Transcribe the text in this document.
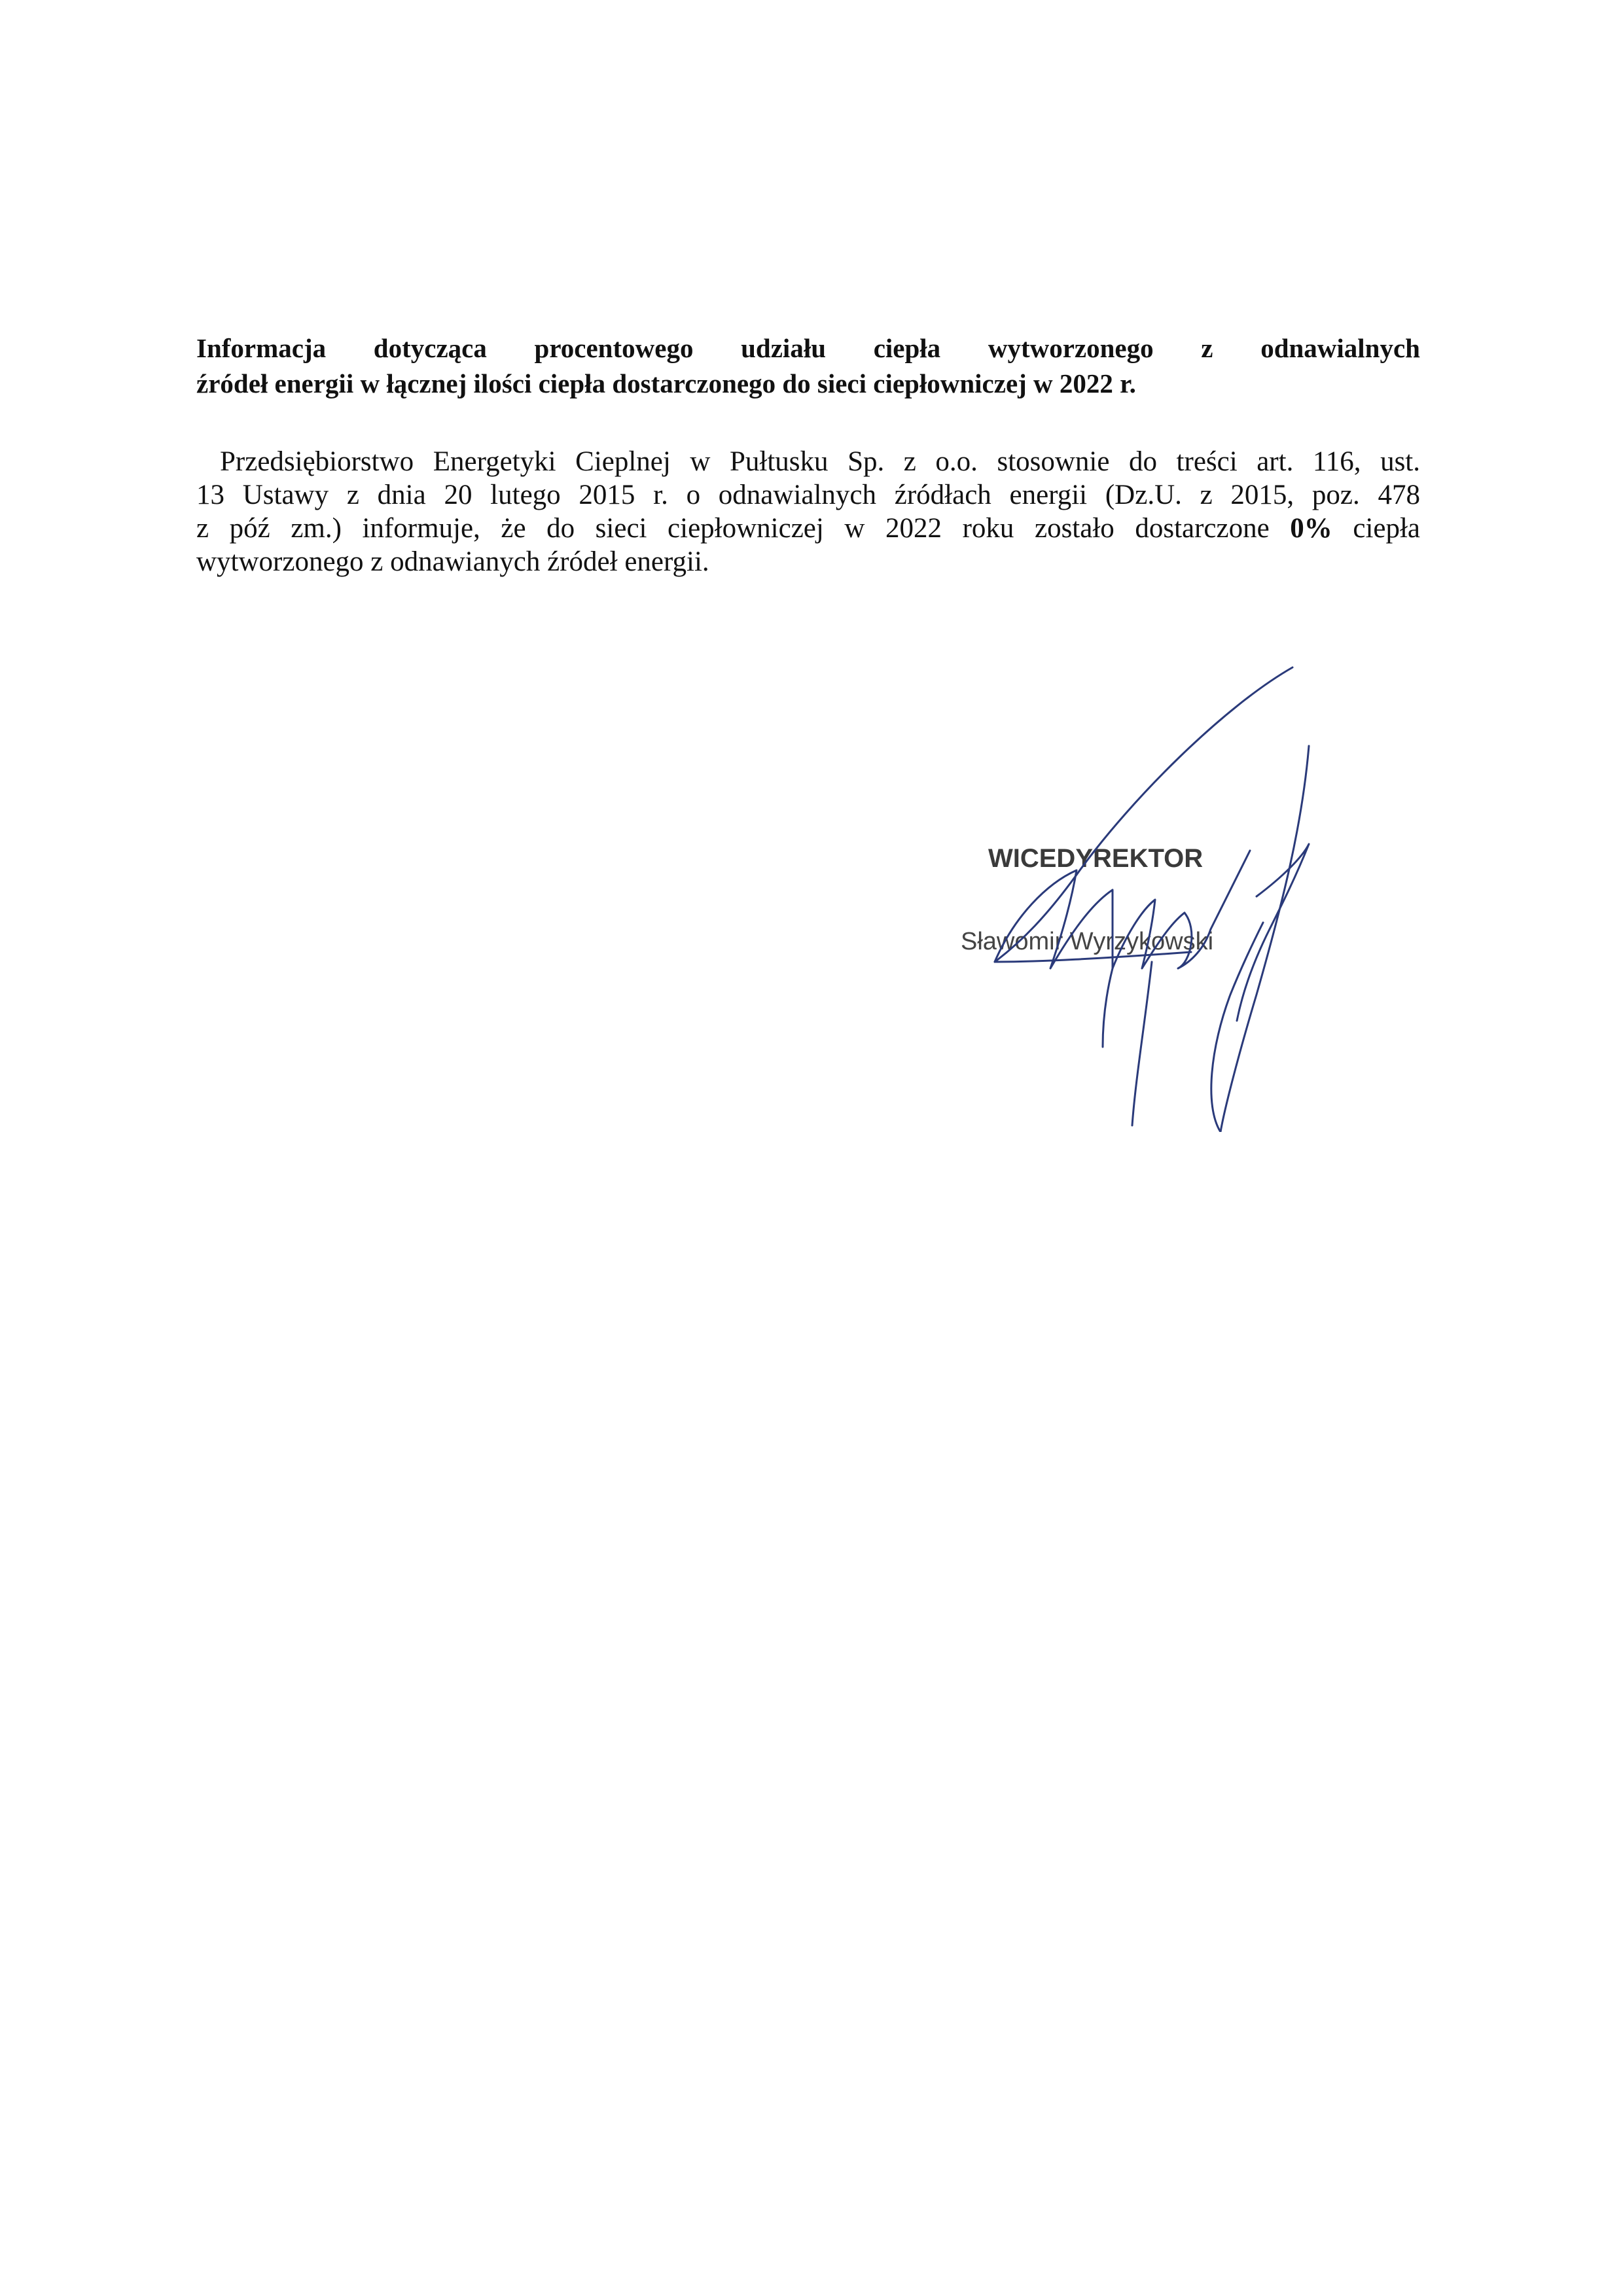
Informacja dotycząca procentowego udziału ciepła wytworzonego z odnawialnych
źródeł energii w łącznej ilości ciepła dostarczonego do sieci ciepłowniczej w 2022 r.

Przedsiębiorstwo Energetyki Cieplnej w Pułtusku Sp. z o.o. stosownie do treści art. 116, ust.
13 Ustawy z dnia 20 lutego 2015 r. o odnawialnych źródłach energii (Dz.U. z 2015, poz. 478
z póź zm.) informuje, że do sieci ciepłowniczej w 2022 roku zostało dostarczone 0% ciepła
wytworzonego z odnawianych źródeł energii.

WICEDYREKTOR
Sławomir Wyrzykowski
